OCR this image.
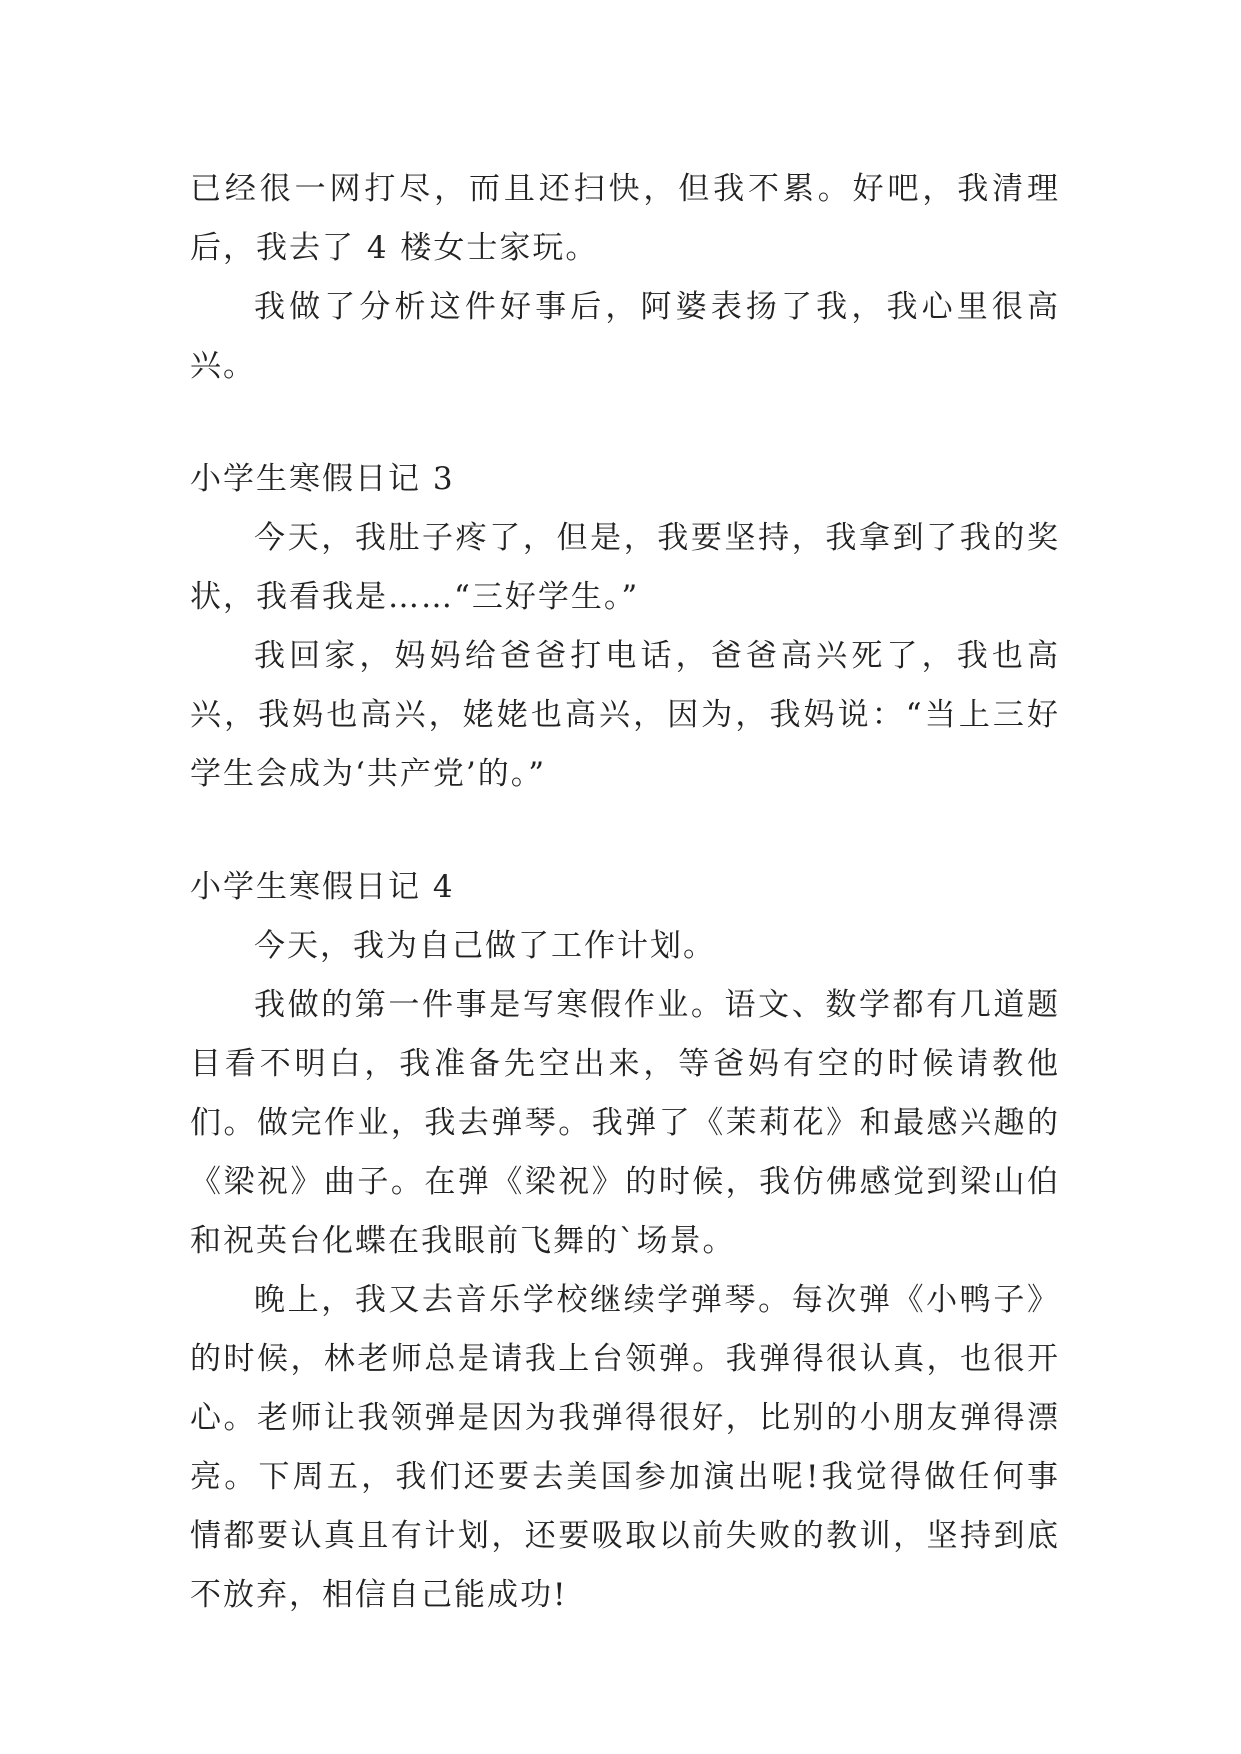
已经很一网打尽，而且还扫快，但我不累。好吧，我清理后，我去了 4 楼女士家玩。

我做了分析这件好事后，阿婆表扬了我，我心里很高兴。

小学生寒假日记 3

今天，我肚子疼了，但是，我要坚持，我拿到了我的奖状，我看我是……“三好学生。”

我回家，妈妈给爸爸打电话，爸爸高兴死了，我也高兴，我妈也高兴，姥姥也高兴，因为，我妈说：“当上三好学生会成为‘共产党’的。”

小学生寒假日记 4

今天，我为自己做了工作计划。

我做的第一件事是写寒假作业。语文、数学都有几道题目看不明白，我准备先空出来，等爸妈有空的时候请教他们。做完作业，我去弹琴。我弹了《茉莉花》和最感兴趣的《梁祝》曲子。在弹《梁祝》的时候，我仿佛感觉到梁山伯和祝英台化蝶在我眼前飞舞的`场景。

晚上，我又去音乐学校继续学弹琴。每次弹《小鸭子》的时候，林老师总是请我上台领弹。我弹得很认真，也很开心。老师让我领弹是因为我弹得很好，比别的小朋友弹得漂亮。下周五，我们还要去美国参加演出呢!我觉得做任何事情都要认真且有计划，还要吸取以前失败的教训，坚持到底不放弃，相信自己能成功!
